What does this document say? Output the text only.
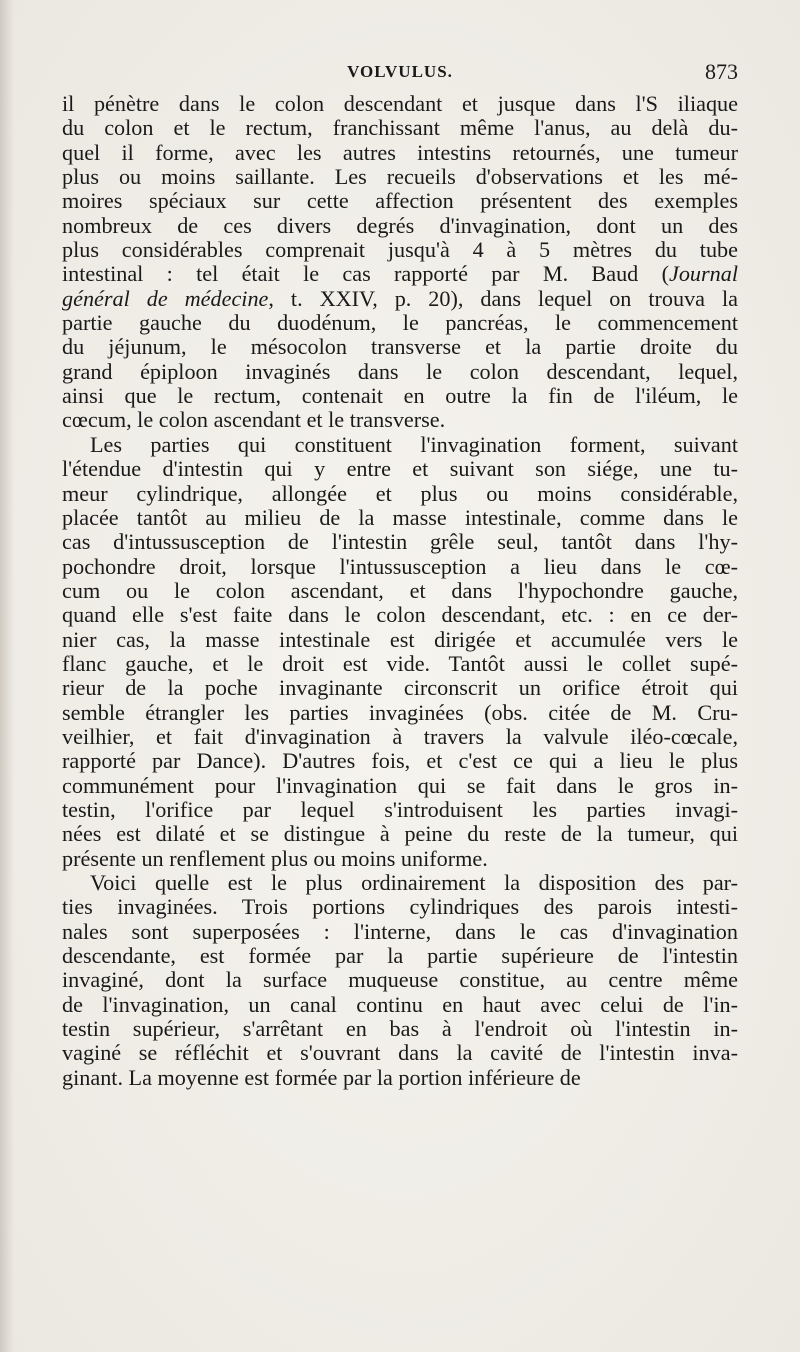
VOLVULUS.	873
il pénètre dans le colon descendant et jusque dans l'S iliaque
du colon et le rectum, franchissant même l'anus, au delà du-
quel il forme, avec les autres intestins retournés, une tumeur
plus ou moins saillante. Les recueils d'observations et les mé-
moires spéciaux sur cette affection présentent des exemples
nombreux de ces divers degrés d'invagination, dont un des
plus considérables comprenait jusqu'à 4 à 5 mètres du tube
intestinal : tel était le cas rapporté par M. Baud (Journal
général de médecine, t. XXIV, p. 20), dans lequel on trouva la
partie gauche du duodénum, le pancréas, le commencement
du jéjunum, le mésocolon transverse et la partie droite du
grand épiploon invaginés dans le colon descendant, lequel,
ainsi que le rectum, contenait en outre la fin de l'iléum, le
cœcum, le colon ascendant et le transverse.
Les parties qui constituent l'invagination forment, suivant
l'étendue d'intestin qui y entre et suivant son siége, une tu-
meur cylindrique, allongée et plus ou moins considérable,
placée tantôt au milieu de la masse intestinale, comme dans le
cas d'intussusception de l'intestin grêle seul, tantôt dans l'hy-
pochondre droit, lorsque l'intussusception a lieu dans le cœ-
cum ou le colon ascendant, et dans l'hypochondre gauche,
quand elle s'est faite dans le colon descendant, etc. : en ce der-
nier cas, la masse intestinale est dirigée et accumulée vers le
flanc gauche, et le droit est vide. Tantôt aussi le collet supé-
rieur de la poche invaginante circonscrit un orifice étroit qui
semble étrangler les parties invaginées (obs. citée de M. Cru-
veilhier, et fait d'invagination à travers la valvule iléo-cœcale,
rapporté par Dance). D'autres fois, et c'est ce qui a lieu le plus
communément pour l'invagination qui se fait dans le gros in-
testin, l'orifice par lequel s'introduisent les parties invagi-
nées est dilaté et se distingue à peine du reste de la tumeur, qui
présente un renflement plus ou moins uniforme.
Voici quelle est le plus ordinairement la disposition des par-
ties invaginées. Trois portions cylindriques des parois intesti-
nales sont superposées : l'interne, dans le cas d'invagination
descendante, est formée par la partie supérieure de l'intestin
invaginé, dont la surface muqueuse constitue, au centre même
de l'invagination, un canal continu en haut avec celui de l'in-
testin supérieur, s'arrêtant en bas à l'endroit où l'intestin in-
vaginé se réfléchit et s'ouvrant dans la cavité de l'intestin inva-
ginant. La moyenne est formée par la portion inférieure de
